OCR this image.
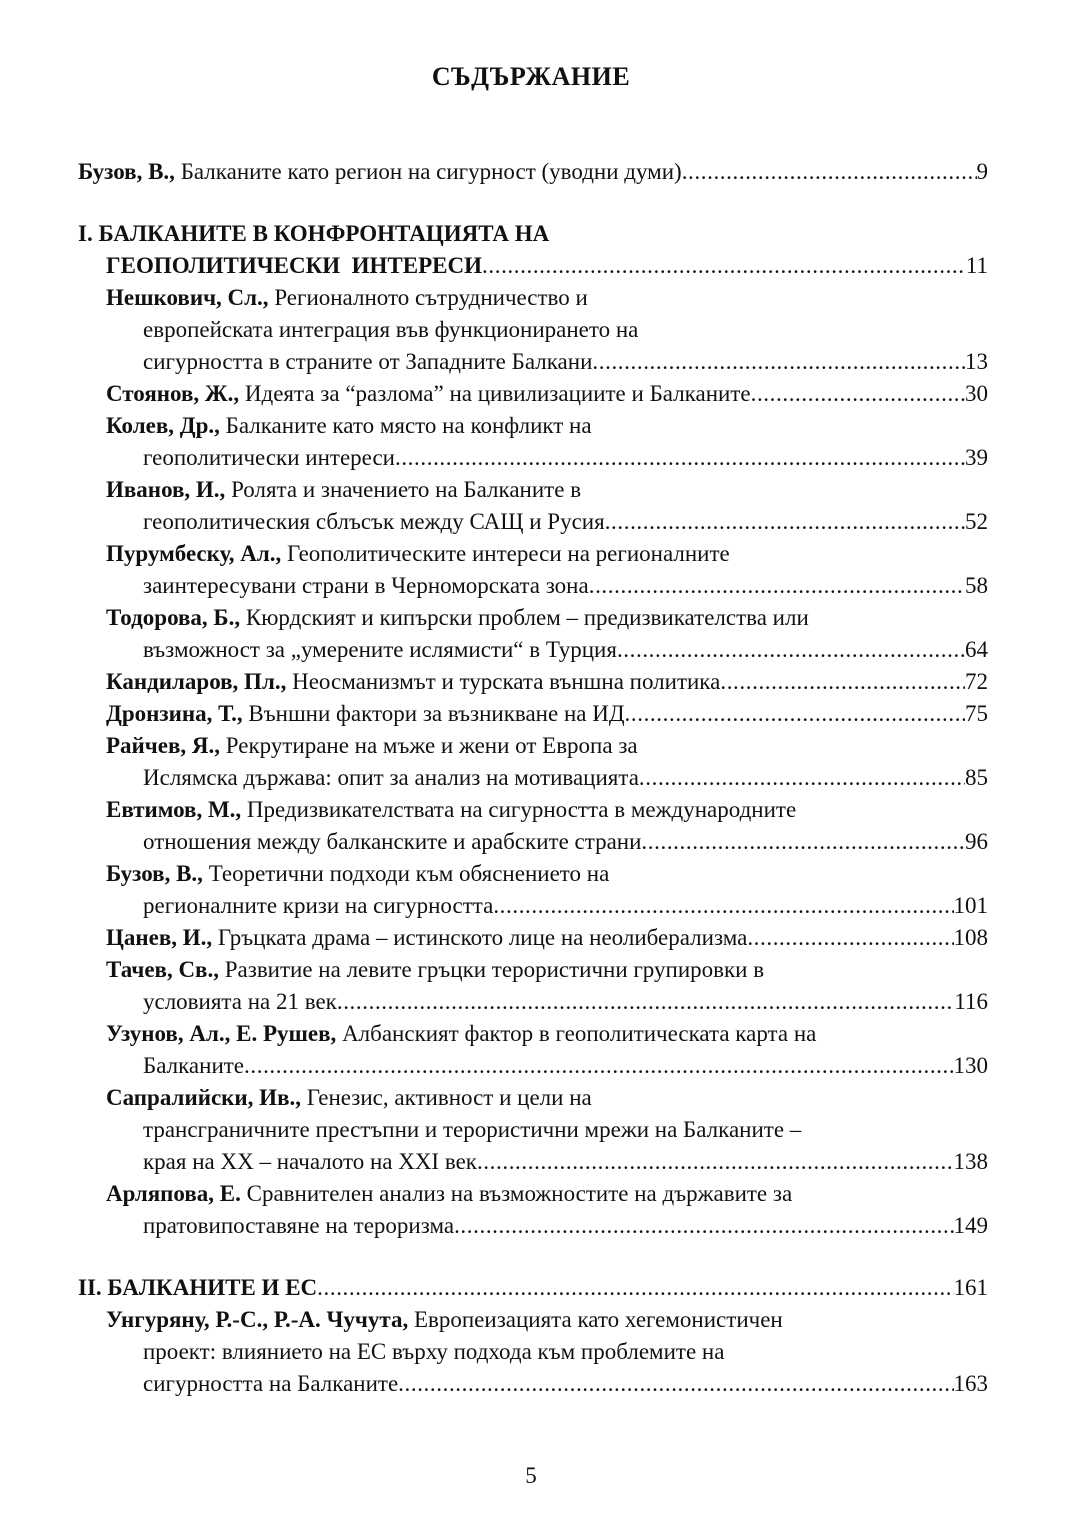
СЪДЪРЖАНИЕ
Бузов, В., Балканите като регион на сигурност (уводни думи) .....	9
I. БАЛКАНИТЕ В КОНФРОНТАЦИЯТА НА
ГЕОПОЛИТИЧЕСКИ  ИНТЕРЕСИ .....	11
Нешкович, Сл., Регионалното сътрудничество и
европейската интеграция във функционирането на
сигурността в страните от Западните Балкани .....	13
Стоянов, Ж., Идеята за “разлома” на цивилизациите и Балканите .....	30
Колев, Др., Балканите като място на конфликт на
геополитически интереси .....	39
Иванов, И., Ролята и значението на Балканите в
геополитическия сблъсък между САЩ и Русия .....	52
Пурумбеску, Ал., Геополитическите интереси на регионалните
заинтересувани страни в Черноморската зона .....	58
Тодорова, Б., Кюрдският и кипърски проблем – предизвикателства или
възможност за „умерените ислямисти“ в Турция .....	64
Кандиларов, Пл., Неосманизмът и турската външна политика .....	72
Дронзина, Т., Външни фактори за възникване на ИД .....	75
Райчев, Я., Рекрутиране на мъже и жени от Европа за
Ислямска държава: опит за анализ на мотивацията .....	85
Евтимов, М., Предизвикателствата на сигурността в международните
отношения между балканските и арабските страни .....	96
Бузов, В., Теоретични подходи към обяснението на
регионалните кризи на сигурността .....	101
Цанев, И., Гръцката драма – истинското лице на неолиберализма .....	108
Тачев, Св., Развитие на левите гръцки терористични групировки в
условията на 21 век .....	116
Узунов, Ал., Е. Рушев, Албанският фактор в геополитическата карта на
Балканите .....	130
Сапралийски, Ив., Генезис, активност и цели на
трансграничните престъпни и терористични мрежи на Балканите –
края на XX – началото на XXI век .....	138
Арляпова, Е. Сравнителен анализ на възможностите на държавите за
пратовипоставяне на тероризма .....	149
II. БАЛКАНИТЕ И ЕС .....	161
Унгуряну, Р.-С., Р.-А. Чучута, Европеизацията като хегемонистичен
проект: влиянието на ЕС върху подхода към проблемите на
сигурността на Балканите .....	163
5
